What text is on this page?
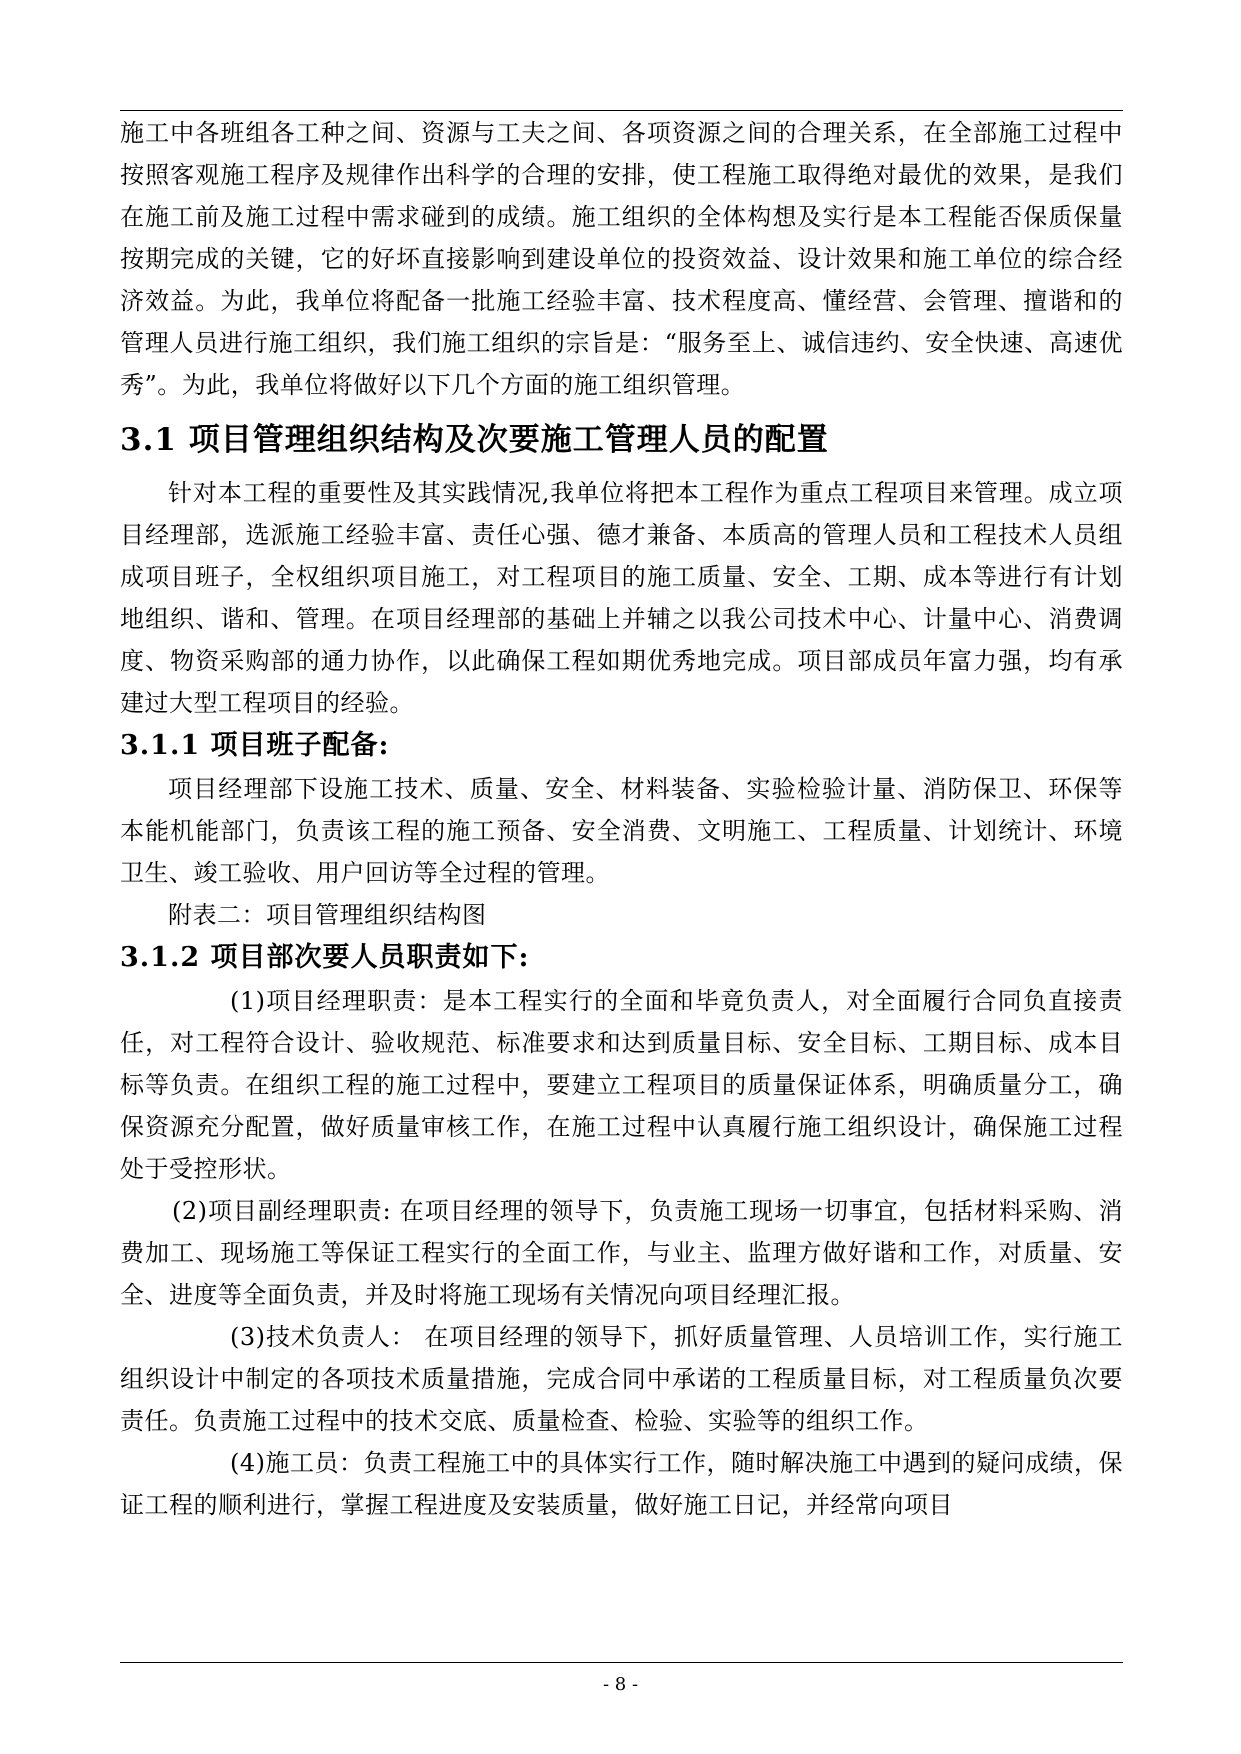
施工中各班组各工种之间、资源与工夫之间、各项资源之间的合理关系，在全部施工过程中按照客观施工程序及规律作出科学的合理的安排，使工程施工取得绝对最优的效果，是我们在施工前及施工过程中需求碰到的成绩。施工组织的全体构想及实行是本工程能否保质保量按期完成的关键，它的好坏直接影响到建设单位的投资效益、设计效果和施工单位的综合经济效益。为此，我单位将配备一批施工经验丰富、技术程度高、懂经营、会管理、擅谐和的管理人员进行施工组织，我们施工组织的宗旨是：“服务至上、诚信违约、安全快速、高速优秀”。为此，我单位将做好以下几个方面的施工组织管理。

3.1 项目管理组织结构及次要施工管理人员的配置

针对本工程的重要性及其实践情况,我单位将把本工程作为重点工程项目来管理。成立项目经理部，选派施工经验丰富、责任心强、德才兼备、本质高的管理人员和工程技术人员组成项目班子，全权组织项目施工，对工程项目的施工质量、安全、工期、成本等进行有计划地组织、谐和、管理。在项目经理部的基础上并辅之以我公司技术中心、计量中心、消费调度、物资采购部的通力协作，以此确保工程如期优秀地完成。项目部成员年富力强，均有承建过大型工程项目的经验。

3.1.1 项目班子配备:

项目经理部下设施工技术、质量、安全、材料装备、实验检验计量、消防保卫、环保等本能机能部门，负责该工程的施工预备、安全消费、文明施工、工程质量、计划统计、环境卫生、竣工验收、用户回访等全过程的管理。

附表二：项目管理组织结构图

3.1.2 项目部次要人员职责如下:

(1)项目经理职责：是本工程实行的全面和毕竟负责人，对全面履行合同负直接责任，对工程符合设计、验收规范、标准要求和达到质量目标、安全目标、工期目标、成本目标等负责。在组织工程的施工过程中，要建立工程项目的质量保证体系，明确质量分工，确保资源充分配置，做好质量审核工作，在施工过程中认真履行施工组织设计，确保施工过程处于受控形状。

(2)项目副经理职责: 在项目经理的领导下，负责施工现场一切事宜，包括材料采购、消费加工、现场施工等保证工程实行的全面工作，与业主、监理方做好谐和工作，对质量、安全、进度等全面负责，并及时将施工现场有关情况向项目经理汇报。

(3)技术负责人： 在项目经理的领导下，抓好质量管理、人员培训工作，实行施工组织设计中制定的各项技术质量措施，完成合同中承诺的工程质量目标，对工程质量负次要责任。负责施工过程中的技术交底、质量检查、检验、实验等的组织工作。

(4)施工员：负责工程施工中的具体实行工作，随时解决施工中遇到的疑问成绩，保证工程的顺利进行，掌握工程进度及安装质量，做好施工日记，并经常向项目

- 8 -
